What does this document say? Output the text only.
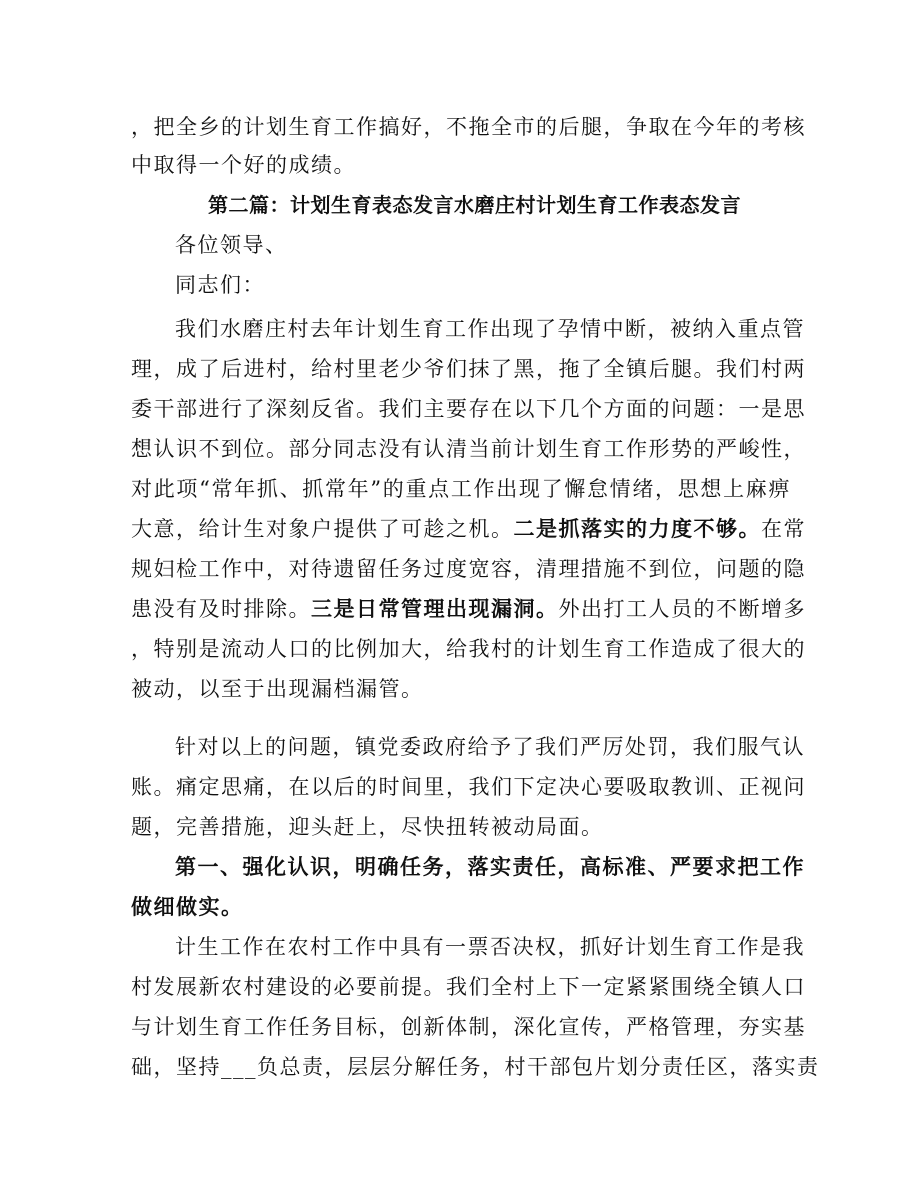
，把全乡的计划生育工作搞好，不拖全市的后腿，争取在今年的考核
中取得一个好的成绩。
第二篇：计划生育表态发言水磨庄村计划生育工作表态发言
各位领导、
同志们：
我们水磨庄村去年计划生育工作出现了孕情中断，被纳入重点管
理，成了后进村，给村里老少爷们抹了黑，拖了全镇后腿。我们村两
委干部进行了深刻反省。我们主要存在以下几个方面的问题：一是思
想认识不到位。部分同志没有认清当前计划生育工作形势的严峻性，
对此项“常年抓、抓常年”的重点工作出现了懈怠情绪，思想上麻痹
大意，给计生对象户提供了可趁之机。二是抓落实的力度不够。在常
规妇检工作中，对待遗留任务过度宽容，清理措施不到位，问题的隐
患没有及时排除。三是日常管理出现漏洞。外出打工人员的不断增多
，特别是流动人口的比例加大，给我村的计划生育工作造成了很大的
被动，以至于出现漏档漏管。
针对以上的问题，镇党委政府给予了我们严厉处罚，我们服气认
账。痛定思痛，在以后的时间里，我们下定决心要吸取教训、正视问
题，完善措施，迎头赶上，尽快扭转被动局面。
第一、强化认识，明确任务，落实责任，高标准、严要求把工作
做细做实。
计生工作在农村工作中具有一票否决权，抓好计划生育工作是我
村发展新农村建设的必要前提。我们全村上下一定紧紧围绕全镇人口
与计划生育工作任务目标，创新体制，深化宣传，严格管理，夯实基
础，坚持___负总责，层层分解任务，村干部包片划分责任区，落实责
